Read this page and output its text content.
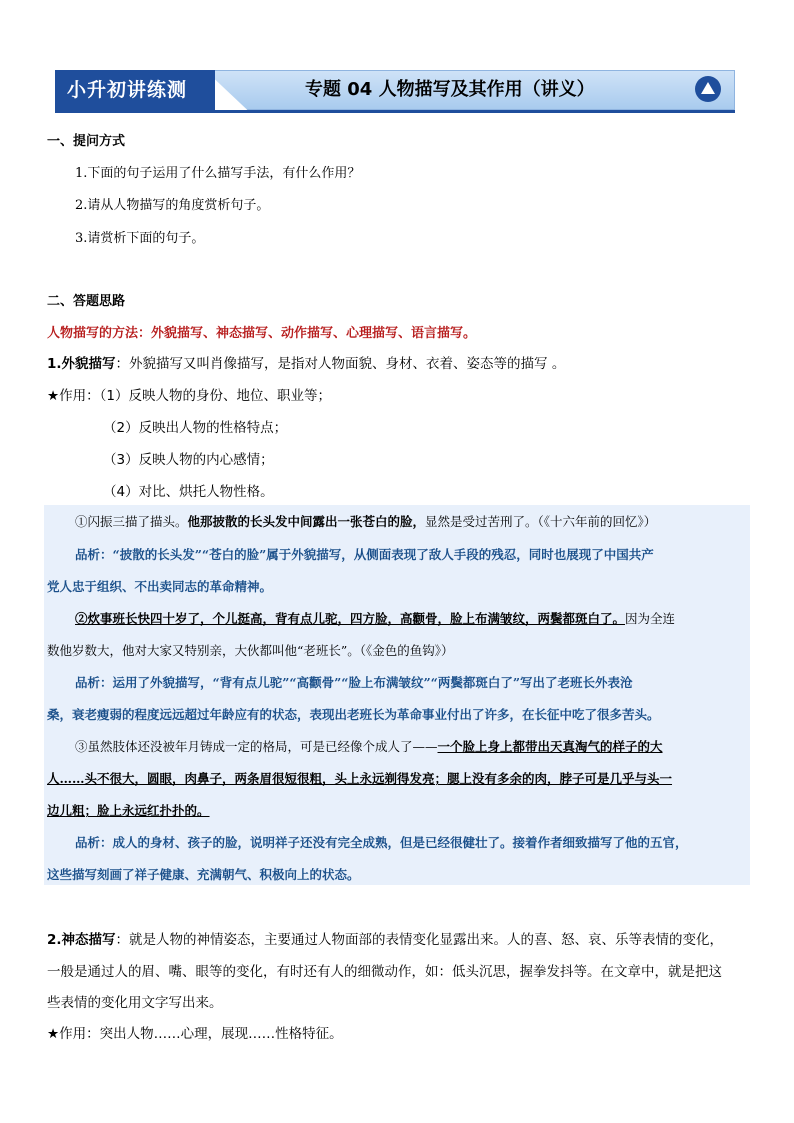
小升初讲练测	专题 04 人物描写及其作用（讲义）
一、提问方式
1.下面的句子运用了什么描写手法，有什么作用？
2.请从人物描写的角度赏析句子。
3.请赏析下面的句子。
二、答题思路
人物描写的方法：外貌描写、神态描写、动作描写、心理描写、语言描写。
1.外貌描写：外貌描写又叫肖像描写，是指对人物面貌、身材、衣着、姿态等的描写 。
★作用：（1）反映人物的身份、地位、职业等；
（2）反映出人物的性格特点；
（3）反映人物的内心感情；
（4）对比、烘托人物性格。
①闪振三描了描头。他那披散的长头发中间露出一张苍白的脸，显然是受过苦刑了。（《十六年前的回忆》）
品析：“披散的长头发”“苍白的脸”属于外貌描写，从侧面表现了敌人手段的残忍，同时也展现了中国共产
党人忠于组织、不出卖同志的革命精神。
②炊事班长快四十岁了，个儿挺高，背有点儿驼，四方脸，高颧骨，脸上布满皱纹，两鬓都斑白了。因为全连
数他岁数大，他对大家又特别亲，大伙都叫他“老班长”。（《金色的鱼钩》）
品析：运用了外貌描写，“背有点儿驼”“高颧骨”“脸上布满皱纹”“两鬓都斑白了”写出了老班长外表沧
桑，衰老瘦弱的程度远远超过年龄应有的状态，表现出老班长为革命事业付出了许多，在长征中吃了很多苦头。
③虽然肢体还没被年月铸成一定的格局，可是已经像个成人了——一个脸上身上都带出天真淘气的样子的大
人……头不很大，圆眼，肉鼻子，两条眉很短很粗，头上永远剃得发亮；腮上没有多余的肉，脖子可是几乎与头一
边儿粗；脸上永远红扑扑的。
品析：成人的身材、孩子的脸，说明祥子还没有完全成熟，但是已经很健壮了。接着作者细致描写了他的五官，
这些描写刻画了祥子健康、充满朝气、积极向上的状态。
2.神态描写：就是人物的神情姿态，主要通过人物面部的表情变化显露出来。人的喜、怒、哀、乐等表情的变化，
一般是通过人的眉、嘴、眼等的变化，有时还有人的细微动作，如：低头沉思，握拳发抖等。在文章中，就是把这
些表情的变化用文字写出来。
★作用：突出人物……心理，展现……性格特征。
